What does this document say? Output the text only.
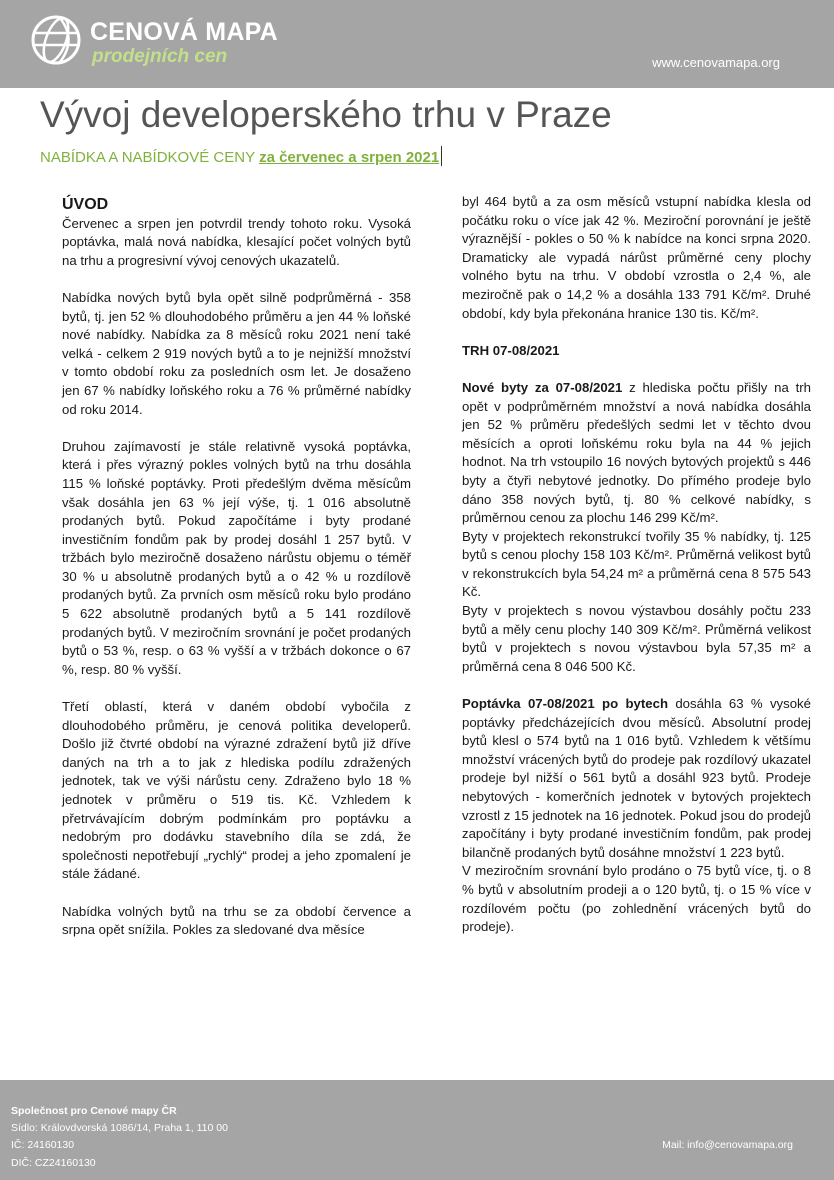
CENOVÁ MAPA
prodejních cen	www.cenovamapa.org
Vývoj developerského trhu v Praze
NABÍDKA A NABÍDKOVÉ CENY za červenec a srpen 2021

ÚVOD

Červenec a srpen jen potvrdil trendy tohoto roku. Vysoká poptávka, malá nová nabídka, klesající počet volných bytů na trhu a progresivní vývoj cenových ukazatelů.

Nabídka nových bytů byla opět silně podprůměrná - 358 bytů, tj. jen 52 % dlouhodobého průměru a jen 44 % loňské nové nabídky. Nabídka za 8 měsíců roku 2021 není také velká - celkem 2 919 nových bytů a to je nejnižší množství v tomto období roku za posledních osm let. Je dosaženo jen 67 % nabídky loňského roku a 76 % průměrné nabídky od roku 2014.

Druhou zajímavostí je stále relativně vysoká poptávka, která i přes výrazný pokles volných bytů na trhu dosáhla 115 % loňské poptávky. Proti předešlým dvěma měsícům však dosáhla jen 63 % její výše, tj. 1 016 absolutně prodaných bytů. Pokud započítáme i byty prodané investičním fondům pak by prodej dosáhl 1 257 bytů. V tržbách bylo meziročně dosaženo nárůstu objemu o téměř 30 % u absolutně prodaných bytů a o 42 % u rozdílově prodaných bytů. Za prvních osm měsíců roku bylo prodáno 5 622 absolutně prodaných bytů a 5 141 rozdílově prodaných bytů. V meziročním srovnání je počet prodaných bytů o 53 %, resp. o 63 % vyšší a v tržbách dokonce o 67 %, resp. 80 % vyšší.

Třetí oblastí, která v daném období vybočila z dlouhodobého průměru, je cenová politika developerů. Došlo již čtvrté období na výrazné zdražení bytů již dříve daných na trh a to jak z hlediska podílu zdražených jednotek, tak ve výši nárůstu ceny. Zdraženo bylo 18 % jednotek v průměru o 519 tis. Kč. Vzhledem k přetrvávajícím dobrým podmínkám pro poptávku a nedobrým pro dodávku stavebního díla se zdá, že společnosti nepotřebují „rychlý“ prodej a jeho zpomalení je stále žádané.

Nabídka volných bytů na trhu se za období července a srpna opět snížila. Pokles za sledované dva měsíce

byl 464 bytů a za osm měsíců vstupní nabídka klesla od počátku roku o více jak 42 %. Meziroční porovnání je ještě výraznější - pokles o 50 % k nabídce na konci srpna 2020. Dramaticky ale vypadá nárůst průměrné ceny plochy volného bytu na trhu. V období vzrostla o 2,4 %, ale meziročně pak o 14,2 % a dosáhla 133 791 Kč/m². Druhé období, kdy byla překonána hranice 130 tis. Kč/m².

TRH 07-08/2021

Nové byty za 07-08/2021 z hlediska počtu přišly na trh opět v podprůměrném množství a nová nabídka dosáhla jen 52 % průměru předešlých sedmi let v těchto dvou měsících a oproti loňskému roku byla na 44 % jejich hodnot. Na trh vstoupilo 16 nových bytových projektů s 446 byty a čtyři nebytové jednotky. Do přímého prodeje bylo dáno 358 nových bytů, tj. 80 % celkové nabídky, s průměrnou cenou za plochu 146 299 Kč/m².

Byty v projektech rekonstrukcí tvořily 35 % nabídky, tj. 125 bytů s cenou plochy 158 103 Kč/m². Průměrná velikost bytů v rekonstrukcích byla 54,24 m² a průměrná cena 8 575 543 Kč.

Byty v projektech s novou výstavbou dosáhly počtu 233 bytů a měly cenu plochy 140 309 Kč/m². Průměrná velikost bytů v projektech s novou výstavbou byla 57,35 m² a průměrná cena 8 046 500 Kč.

Poptávka 07-08/2021 po bytech dosáhla 63 % vysoké poptávky předcházejících dvou měsíců. Absolutní prodej bytů klesl o 574 bytů na 1 016 bytů. Vzhledem k většímu množství vrácených bytů do prodeje pak rozdílový ukazatel prodeje byl nižší o 561 bytů a dosáhl 923 bytů. Prodeje nebytových - komerčních jednotek v bytových projektech vzrostl z 15 jednotek na 16 jednotek. Pokud jsou do prodejů započítány i byty prodané investičním fondům, pak prodej bilančně prodaných bytů dosáhne množství 1 223 bytů.

V meziročním srovnání bylo prodáno o 75 bytů více, tj. o 8 % bytů v absolutním prodeji a o 120 bytů, tj. o 15 % více v rozdílovém počtu (po zohlednění vrácených bytů do prodeje).

Společnost pro Cenové mapy ČR
Sídlo: Královdvorská 1086/14, Praha 1, 110 00
IČ: 24160130
DIČ: CZ24160130
Mail: info@cenovamapa.org
